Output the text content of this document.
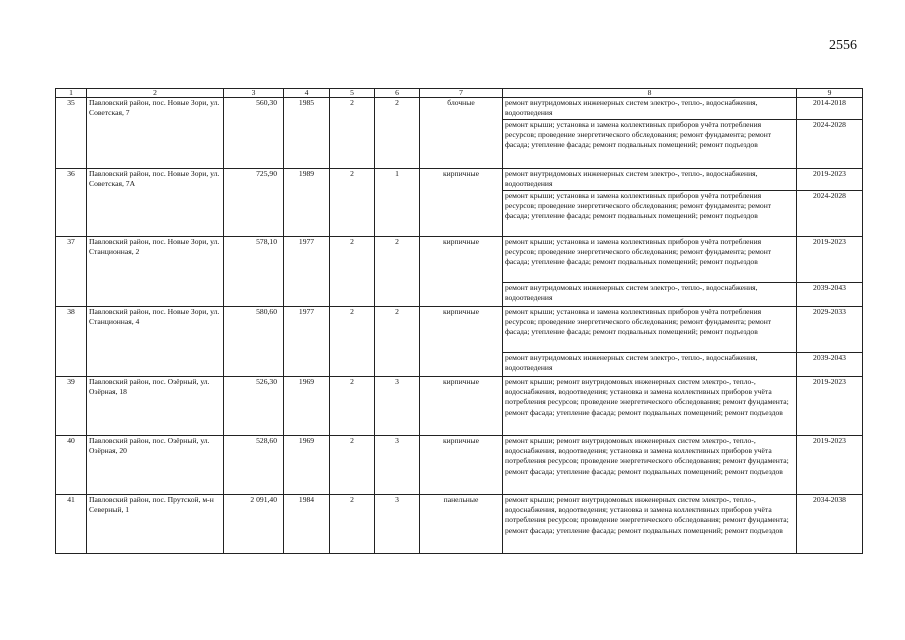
2556
1	2	3	4	5	6	7	8	9
35	Павловский район, пос. Новые Зори, ул. Советская, 7	560,30	1985	2	2	блочные	ремонт внутридомовых инженерных систем электро-, тепло-, водоснабжения, водоотведения	2014-2018
							ремонт крыши; установка и замена коллективных приборов учёта потребления ресурсов; проведение энергетического обследования; ремонт фундамента; ремонт фасада; утепление фасада; ремонт подвальных помещений; ремонт подъездов	2024-2028
36	Павловский район, пос. Новые Зори, ул. Советская, 7А	725,90	1989	2	1	кирпичные	ремонт внутридомовых инженерных систем электро-, тепло-, водоснабжения, водоотведения	2019-2023
							ремонт крыши; установка и замена коллективных приборов учёта потребления ресурсов; проведение энергетического обследования; ремонт фундамента; ремонт фасада; утепление фасада; ремонт подвальных помещений; ремонт подъездов	2024-2028
37	Павловский район, пос. Новые Зори, ул. Станционная, 2	578,10	1977	2	2	кирпичные	ремонт крыши; установка и замена коллективных приборов учёта потребления ресурсов; проведение энергетического обследования; ремонт фундамента; ремонт фасада; утепление фасада; ремонт подвальных помещений; ремонт подъездов	2019-2023
							ремонт внутридомовых инженерных систем электро-, тепло-, водоснабжения, водоотведения	2039-2043
38	Павловский район, пос. Новые Зори, ул. Станционная, 4	580,60	1977	2	2	кирпичные	ремонт крыши; установка и замена коллективных приборов учёта потребления ресурсов; проведение энергетического обследования; ремонт фундамента; ремонт фасада; утепление фасада; ремонт подвальных помещений; ремонт подъездов	2029-2033
							ремонт внутридомовых инженерных систем электро-, тепло-, водоснабжения, водоотведения	2039-2043
39	Павловский район, пос. Озёрный, ул. Озёрная, 18	526,30	1969	2	3	кирпичные	ремонт крыши; ремонт внутридомовых инженерных систем электро-, тепло-, водоснабжения, водоотведения; установка и замена коллективных приборов учёта потребления ресурсов; проведение энергетического обследования; ремонт фундамента; ремонт фасада; утепление фасада; ремонт подвальных помещений; ремонт подъездов	2019-2023
40	Павловский район, пос. Озёрный, ул. Озёрная, 20	528,60	1969	2	3	кирпичные	ремонт крыши; ремонт внутридомовых инженерных систем электро-, тепло-, водоснабжения, водоотведения; установка и замена коллективных приборов учёта потребления ресурсов; проведение энергетического обследования; ремонт фундамента; ремонт фасада; утепление фасада; ремонт подвальных помещений; ремонт подъездов	2019-2023
41	Павловский район, пос. Прутской, м-н Северный, 1	2 091,40	1984	2	3	панельные	ремонт крыши; ремонт внутридомовых инженерных систем электро-, тепло-, водоснабжения, водоотведения; установка и замена коллективных приборов учёта потребления ресурсов; проведение энергетического обследования; ремонт фундамента; ремонт фасада; утепление фасада; ремонт подвальных помещений; ремонт подъездов	2034-2038
